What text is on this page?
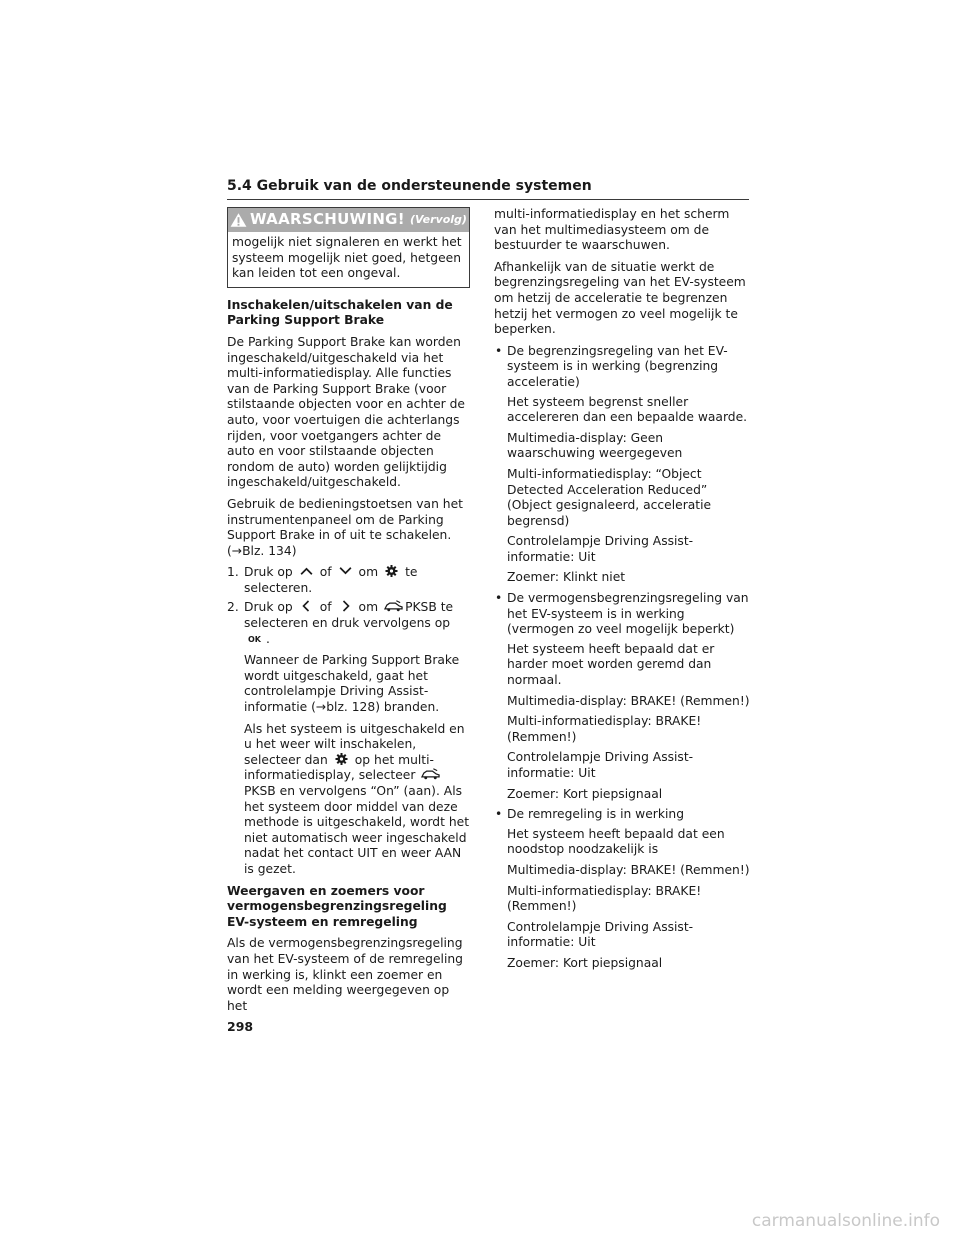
5.4 Gebruik van de ondersteunende systemen
WAARSCHUWING! (Vervolg)
mogelijk niet signaleren en werkt het systeem mogelijk niet goed, hetgeen kan leiden tot een ongeval.
Inschakelen/uitschakelen van de Parking Support Brake

De Parking Support Brake kan worden ingeschakeld/uitgeschakeld via het multi-informatiedisplay. Alle functies van de Parking Support Brake (voor stilstaande objecten voor en achter de auto, voor voertuigen die achterlangs rijden, voor voetgangers achter de auto en voor stilstaande objecten rondom de auto) worden gelijktijdig ingeschakeld/uitgeschakeld.

Gebruik de bedieningstoetsen van het instrumentenpaneel om de Parking Support Brake in of uit te schakelen. (→Blz. 134)

1. Druk op of om te selecteren.
2. Druk op of om PKSB te selecteren en druk vervolgens opOK .

Wanneer de Parking Support Brake wordt uitgeschakeld, gaat het controlelampje Driving Assist-informatie (→blz. 128) branden.

Als het systeem is uitgeschakeld en u het weer wilt inschakelen, selecteer dan op het multi-informatiedisplay, selecteerPKSB en vervolgens “On” (aan). Als het systeem door middel van deze methode is uitgeschakeld, wordt het niet automatisch weer ingeschakeld nadat het contact UIT en weer AAN is gezet.

Weergaven en zoemers voor vermogensbegrenzingsregeling EV-systeem en remregeling

Als de vermogensbegrenzingsregeling van het EV-systeem of de remregeling in werking is, klinkt een zoemer en wordt een melding weergegeven op het

multi-informatiedisplay en het scherm van het multimediasysteem om de bestuurder te waarschuwen.

Afhankelijk van de situatie werkt de begrenzingsregeling van het EV-systeem om hetzij de acceleratie te begrenzen hetzij het vermogen zo veel mogelijk te beperken.

• De begrenzingsregeling van het EV-systeem is in werking (begrenzing acceleratie)

Het systeem begrenst sneller accelereren dan een bepaalde waarde.

Multimedia-display: Geen waarschuwing weergegeven

Multi-informatiedisplay: “Object Detected Acceleration Reduced” (Object gesignaleerd, acceleratie begrensd)

Controlelampje Driving Assist-informatie: Uit

Zoemer: Klinkt niet

• De vermogensbegrenzingsregeling van het EV-systeem is in werking (vermogen zo veel mogelijk beperkt)

Het systeem heeft bepaald dat er harder moet worden geremd dan normaal.

Multimedia-display: BRAKE! (Remmen!)

Multi-informatiedisplay: BRAKE! (Remmen!)

Controlelampje Driving Assist-informatie: Uit

Zoemer: Kort piepsignaal

• De remregeling is in werking

Het systeem heeft bepaald dat een noodstop noodzakelijk is

Multimedia-display: BRAKE! (Remmen!)

Multi-informatiedisplay: BRAKE! (Remmen!)

Controlelampje Driving Assist-informatie: Uit

Zoemer: Kort piepsignaal

298
carmanualsonline.info
